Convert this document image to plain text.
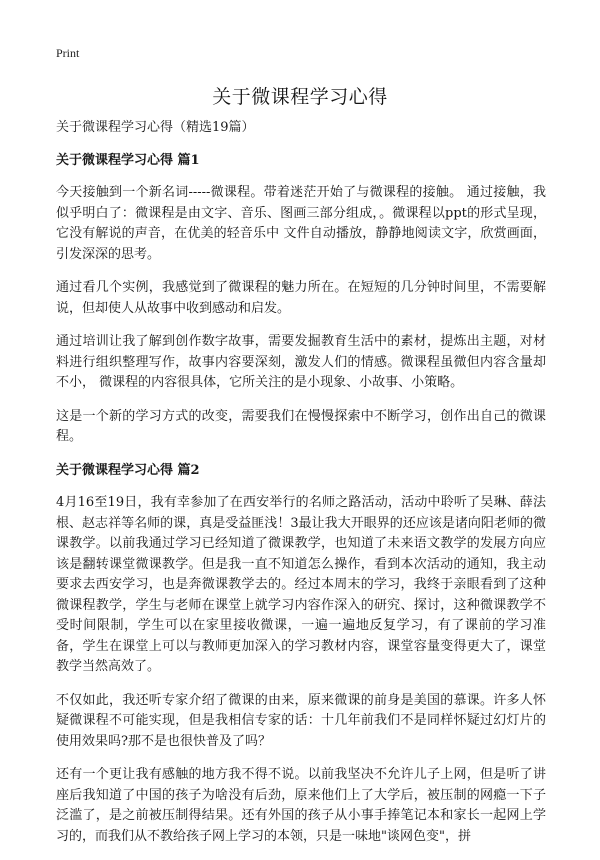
Print
关于微课程学习心得
关于微课程学习心得（精选19篇）
关于微课程学习心得 篇1

今天接触到一个新名词-----微课程。带着迷茫开始了与微课程的接触。 通过接触，我似乎明白了：微课程是由文字、音乐、图画三部分组成，。微课程以ppt的形式呈现，它没有解说的声音，在优美的轻音乐中 文件自动播放，静静地阅读文字，欣赏画面，引发深深的思考。

通过看几个实例，我感觉到了微课程的魅力所在。在短短的几分钟时间里，不需要解说，但却使人从故事中收到感动和启发。

通过培训让我了解到创作数字故事，需要发掘教育生活中的素材，提炼出主题，对材料进行组织整理写作，故事内容要深刻，激发人们的情感。微课程虽微但内容含量却不小， 微课程的内容很具体，它所关注的是小现象、小故事、小策略。

这是一个新的学习方式的改变，需要我们在慢慢探索中不断学习，创作出自己的微课程。

关于微课程学习心得 篇2

4月16至19日，我有幸参加了在西安举行的名师之路活动，活动中聆听了吴琳、薛法根、赵志祥等名师的课，真是受益匪浅！3最让我大开眼界的还应该是诸向阳老师的微课教学。以前我通过学习已经知道了微课教学，也知道了未来语文教学的发展方向应该是翻转课堂微课教学。但是我一直不知道怎么操作，看到本次活动的通知，我主动要求去西安学习，也是奔微课教学去的。经过本周末的学习，我终于亲眼看到了这种微课程教学，学生与老师在课堂上就学习内容作深入的研究、探讨，这种微课教学不受时间限制，学生可以在家里接收微课，一遍一遍地反复学习，有了课前的学习准备，学生在课堂上可以与教师更加深入的学习教材内容，课堂容量变得更大了，课堂教学当然高效了。

不仅如此，我还听专家介绍了微课的由来，原来微课的前身是美国的慕课。许多人怀疑微课程不可能实现，但是我相信专家的话：十几年前我们不是同样怀疑过幻灯片的使用效果吗?那不是也很快普及了吗？

还有一个更让我有感触的地方我不得不说。以前我坚决不允许儿子上网，但是听了讲座后我知道了中国的孩子为啥没有后劲，原来他们上了大学后，被压制的网瘾一下子泛滥了，是之前被压制得结果。还有外国的孩子从小事手捧笔记本和家长一起网上学习的，而我们从不教给孩子网上学习的本领，只是一味地"谈网色变"，拼
